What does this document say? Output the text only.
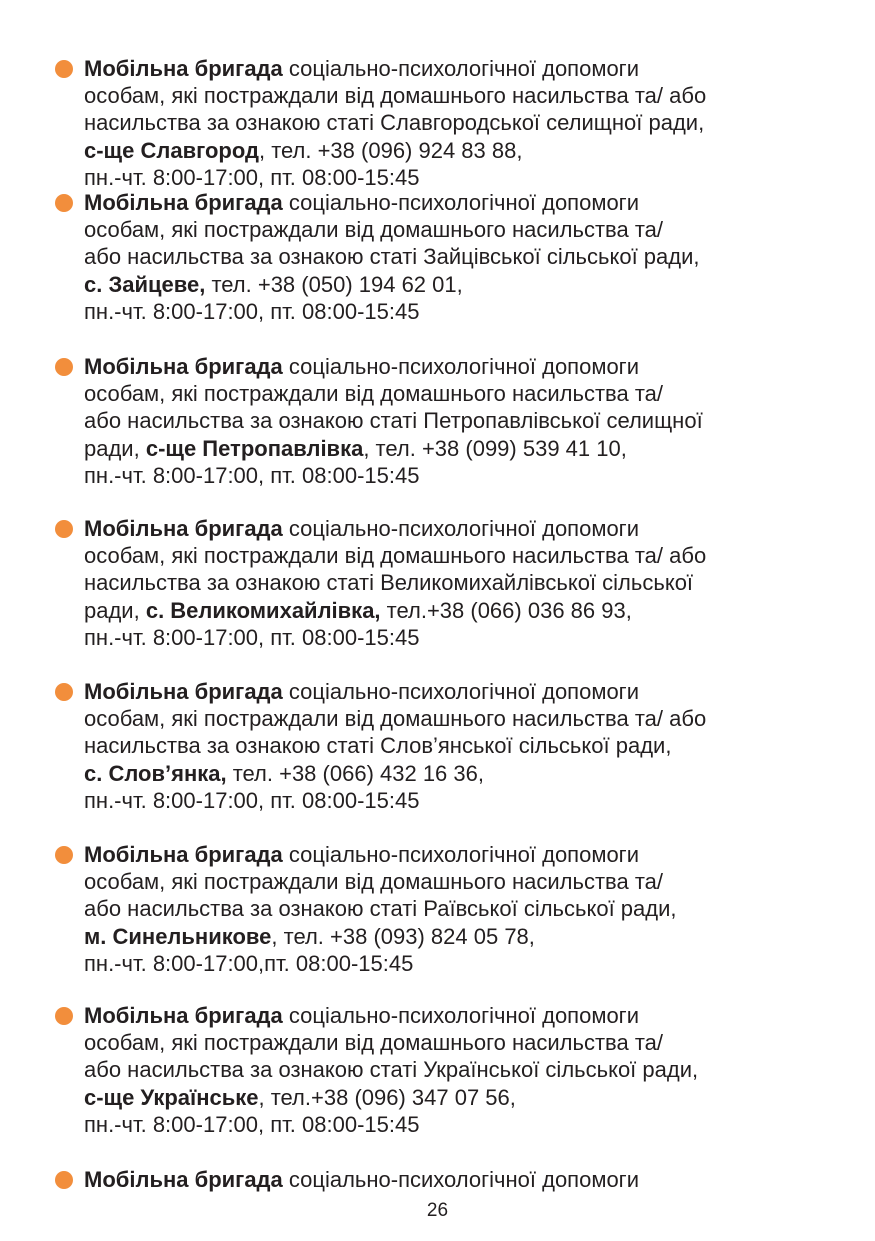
Мобільна бригада соціально-психологічної допомоги
особам, які постраждали від домашнього насильства та/ або
насильства за ознакою статі Славгородської селищної ради,
с-ще Славгород, тел. +38 (096) 924 83 88,
пн.-чт. 8:00-17:00, пт. 08:00-15:45
Мобільна бригада соціально-психологічної допомоги
особам, які постраждали від домашнього насильства та/
або насильства за ознакою статі Зайцівської сільської ради,
с. Зайцеве, тел. +38 (050) 194 62 01,
пн.-чт. 8:00-17:00, пт. 08:00-15:45
Мобільна бригада соціально-психологічної допомоги
особам, які постраждали від домашнього насильства та/
або насильства за ознакою статі Петропавлівської селищної
ради, с-ще Петропавлівка, тел. +38 (099) 539 41 10,
пн.-чт. 8:00-17:00, пт. 08:00-15:45
Мобільна бригада соціально-психологічної допомоги
особам, які постраждали від домашнього насильства та/ або
насильства за ознакою статі Великомихайлівської сільської
ради, с. Великомихайлівка, тел.+38 (066) 036 86 93,
пн.-чт. 8:00-17:00, пт. 08:00-15:45
Мобільна бригада соціально-психологічної допомоги
особам, які постраждали від домашнього насильства та/ або
насильства за ознакою статі Слов’янської сільської ради,
с. Слов’янка, тел. +38 (066) 432 16 36,
пн.-чт. 8:00-17:00, пт. 08:00-15:45
Мобільна бригада соціально-психологічної допомоги
особам, які постраждали від домашнього насильства та/
або насильства за ознакою статі Раївської сільської ради,
м. Синельникове, тел. +38 (093) 824 05 78,
пн.-чт. 8:00-17:00,пт. 08:00-15:45
Мобільна бригада соціально-психологічної допомоги
особам, які постраждали від домашнього насильства та/
або насильства за ознакою статі Української сільської ради,
с-ще Українське, тел.+38 (096) 347 07 56,
пн.-чт. 8:00-17:00, пт. 08:00-15:45
Мобільна бригада соціально-психологічної допомоги
26
